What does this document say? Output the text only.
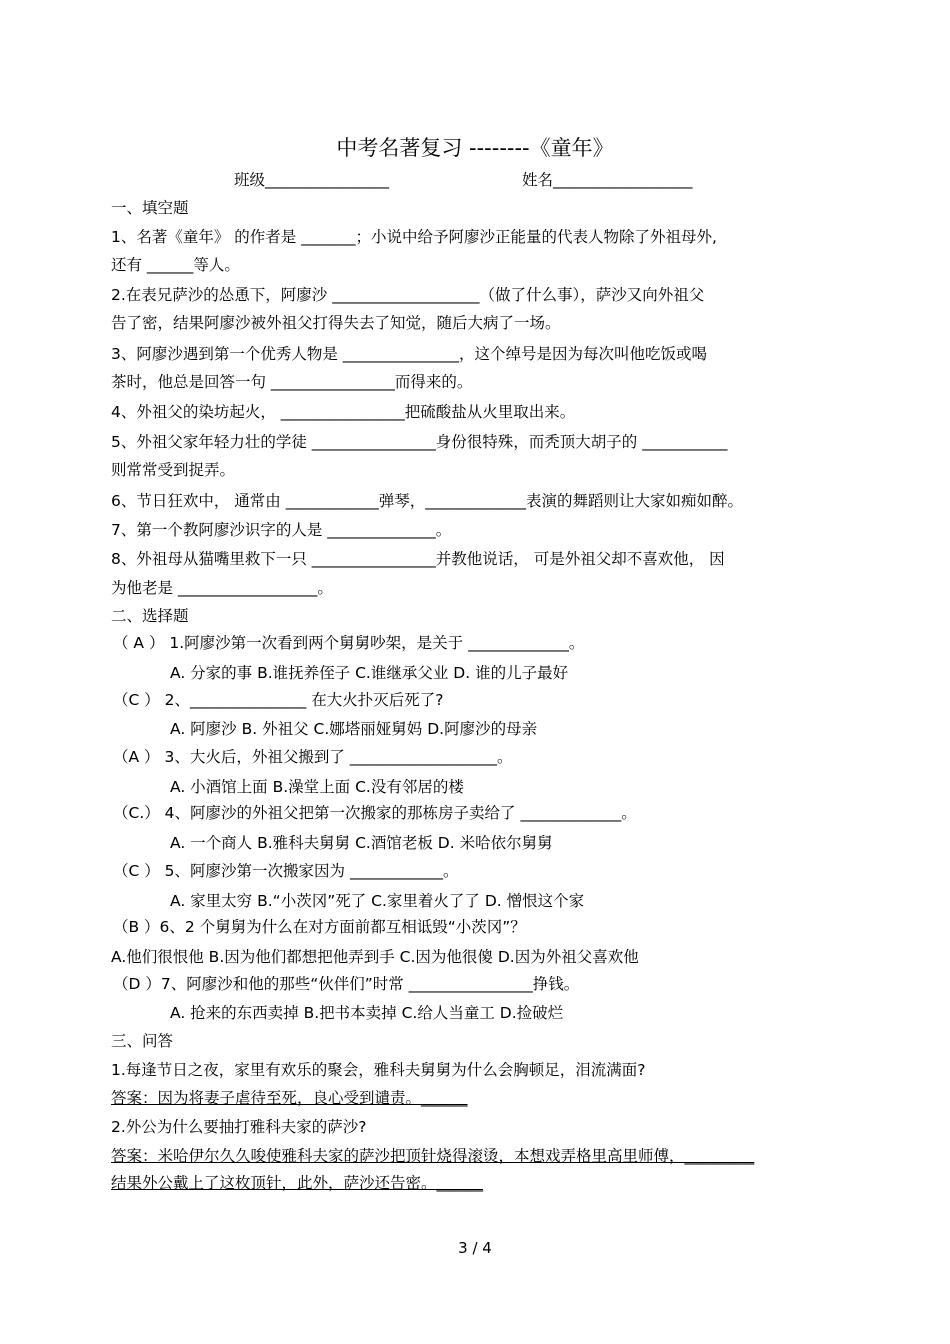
中考名著复习 --------《童年》
班级________________	姓名__________________
一、填空题
1、名著《童年》 的作者是 _______；小说中给予阿廖沙正能量的代表人物除了外祖母外,
还有 ______等人。
2.在表兄萨沙的怂恿下，阿廖沙 ___________________（做了什么事），萨沙又向外祖父
告了密，结果阿廖沙被外祖父打得失去了知觉，随后大病了一场。
3、阿廖沙遇到第一个优秀人物是 _______________，这个绰号是因为每次叫他吃饭或喝
茶时，他总是回答一句 ________________而得来的。
4、外祖父的染坊起火， ________________把硫酸盐从火里取出来。
5、外祖父家年轻力壮的学徒 ________________身份很特殊，而秃顶大胡子的 ___________
则常常受到捉弄。
6、节日狂欢中， 通常由 ____________弹琴，_____________表演的舞蹈则让大家如痴如醉。
7、第一个教阿廖沙识字的人是 ______________。
8、外祖母从猫嘴里救下一只 ________________并教他说话， 可是外祖父却不喜欢他， 因
为他老是 __________________。
二、选择题
（ A ） 1.阿廖沙第一次看到两个舅舅吵架，是关于 _____________。
A. 分家的事 B.谁抚养侄子 C.谁继承父业 D. 谁的儿子最好
（C ） 2、_______________ 在大火扑灭后死了?
A. 阿廖沙 B. 外祖父 C.娜塔丽娅舅妈 D.阿廖沙的母亲
（A ） 3、大火后，外祖父搬到了 ___________________。
A. 小酒馆上面 B.澡堂上面 C.没有邻居的楼
（C.） 4、阿廖沙的外祖父把第一次搬家的那栋房子卖给了 _____________。
A. 一个商人 B.雅科夫舅舅 C.酒馆老板 D. 米哈依尔舅舅
（C ） 5、阿廖沙第一次搬家因为 ____________。
A. 家里太穷 B.“小茨冈”死了 C.家里着火了了 D. 憎恨这个家
（B ）6、2 个舅舅为什么在对方面前都互相诋毁“小茨冈”？
A.他们很恨他 B.因为他们都想把他弄到手 C.因为他很傻 D.因为外祖父喜欢他
（D ）7、阿廖沙和他的那些“伙伴们”时常 ________________挣钱。
A. 抢来的东西卖掉 B.把书本卖掉 C.给人当童工 D.捡破烂
三、问答
1.每逢节日之夜，家里有欢乐的聚会，雅科夫舅舅为什么会胸顿足，泪流满面?
答案：因为将妻子虐待至死，良心受到谴责。______
2.外公为什么要抽打雅科夫家的萨沙?
答案：米哈伊尔久久唆使雅科夫家的萨沙把顶针烧得滚烫，本想戏弄格里高里师傅，_________
结果外公戴上了这枚顶针，此外，萨沙还告密。______
3 / 4
